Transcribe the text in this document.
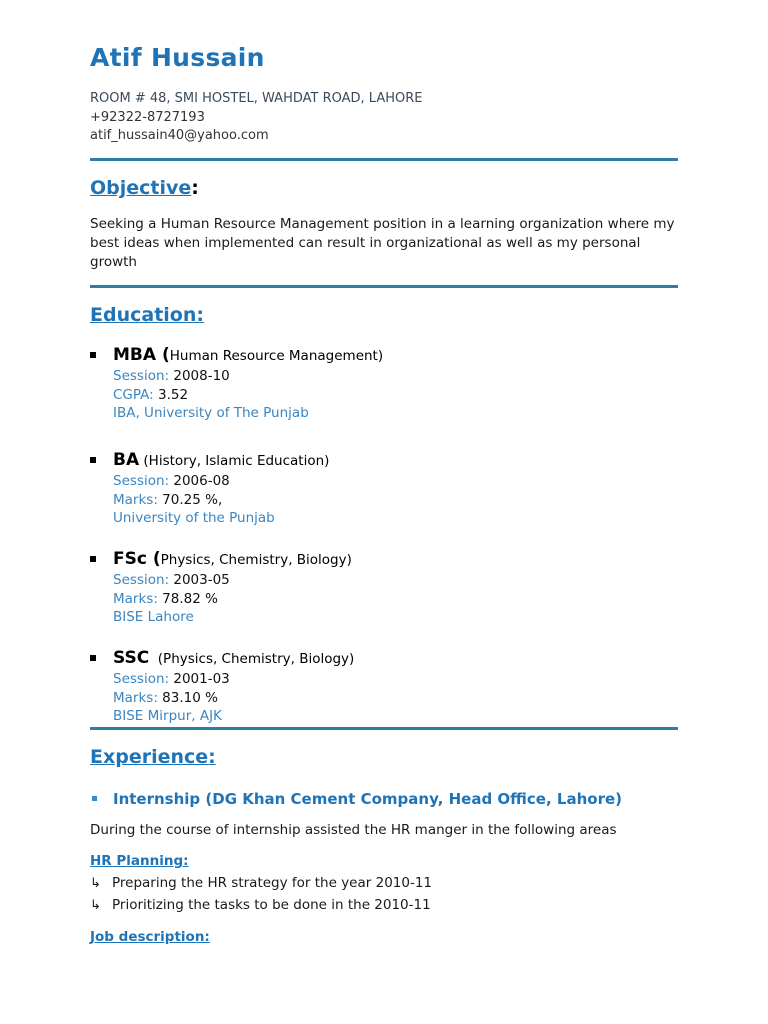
Atif Hussain
ROOM # 48, SMI HOSTEL, WAHDAT ROAD, LAHORE
+92322-8727193
atif_hussain40@yahoo.com
Objective:
Seeking a Human Resource Management position in a learning organization where my best ideas when implemented can result in organizational as well as my personal growth
Education:
MBA (Human Resource Management)
Session: 2008-10
CGPA: 3.52
IBA, University of The Punjab
BA (History, Islamic Education)
Session: 2006-08
Marks: 70.25 %,
University of the Punjab
FSc (Physics, Chemistry, Biology)
Session: 2003-05
Marks: 78.82 %
BISE Lahore
SSC  (Physics, Chemistry, Biology)
Session: 2001-03
Marks: 83.10 %
BISE Mirpur, AJK
Experience:
Internship (DG Khan Cement Company, Head Office, Lahore)
During the course of internship assisted the HR manger in the following areas
HR Planning:
↳ Preparing the HR strategy for the year 2010-11
↳ Prioritizing the tasks to be done in the 2010-11
Job description:
